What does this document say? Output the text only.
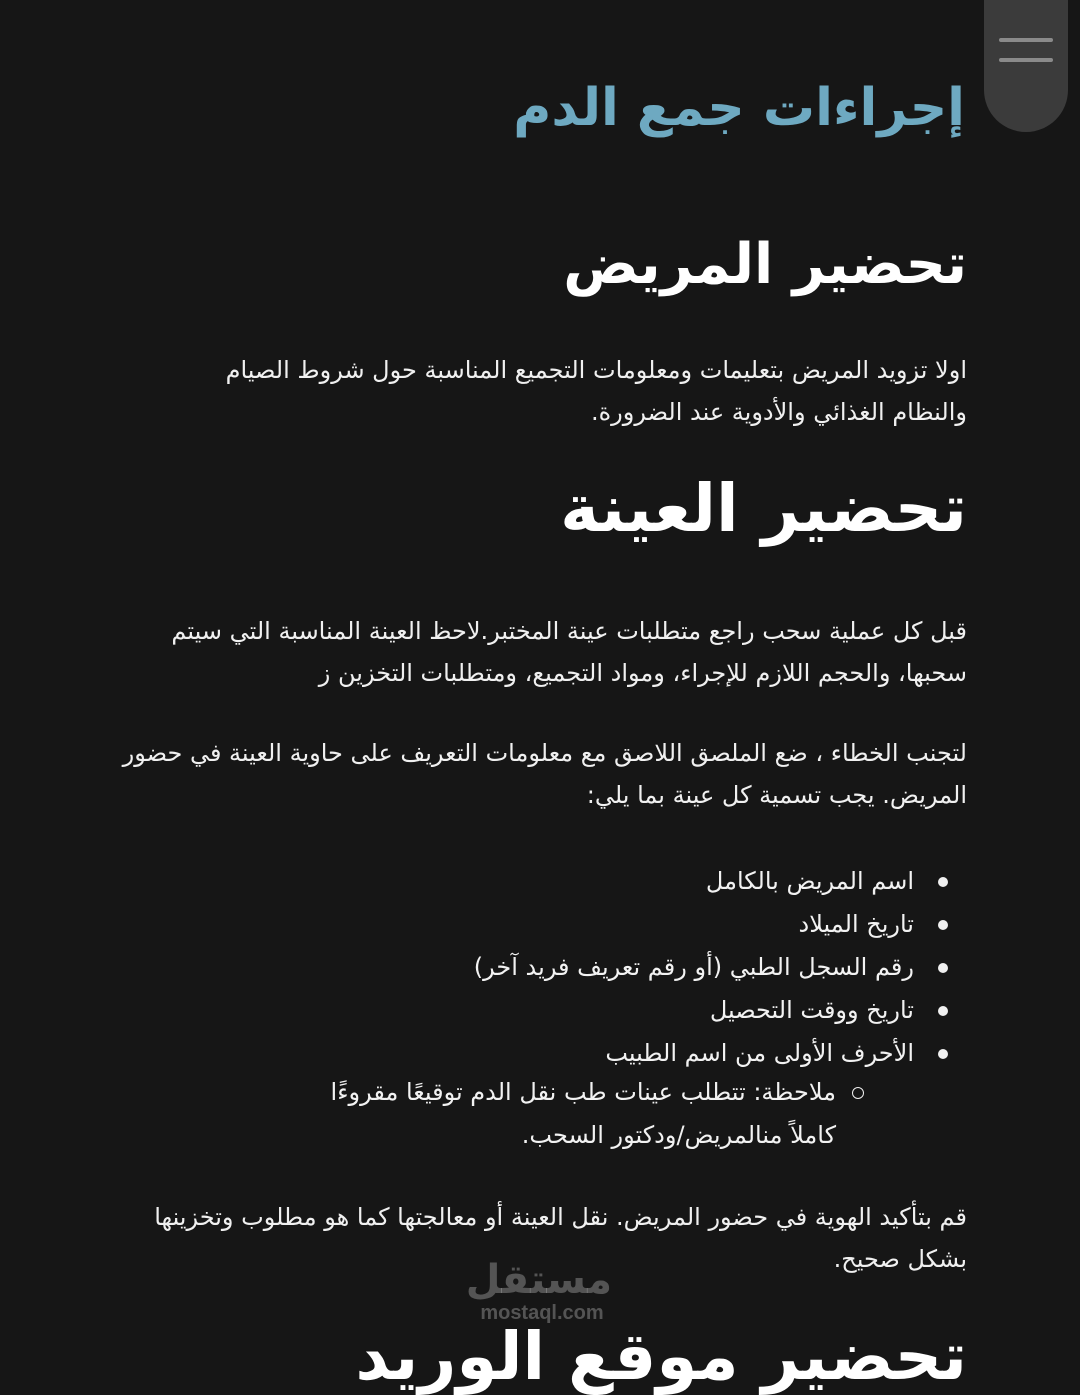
إجراءات جمع الدم
تحضير المريض

اولا تزويد المريض بتعليمات ومعلومات التجميع المناسبة حول شروط الصيام والنظام الغذائي والأدوية عند الضرورة.

تحضير العينة

قبل كل عملية سحب راجع متطلبات عينة المختبر.لاحظ العينة المناسبة التي سيتم سحبها، والحجم اللازم للإجراء، ومواد التجميع، ومتطلبات التخزين ز

لتجنب الخطاء ، ضع الملصق اللاصق مع معلومات التعريف على حاوية العينة في حضور المريض. يجب تسمية كل عينة بما يلي:

اسم المريض بالكامل
تاريخ الميلاد
رقم السجل الطبي (أو رقم تعريف فريد آخر)
تاريخ ووقت التحصيل
الأحرف الأولى من اسم الطبيب

ملاحظة: تتطلب عينات طب نقل الدم توقيعًا مقروءًا كاملاً منالمريض/ودكتور السحب.

قم بتأكيد الهوية في حضور المريض. نقل العينة أو معالجتها كما هو مطلوب وتخزينها بشكل صحيح.

تحضير موقع الوريد
مستقل
mostaql.com
